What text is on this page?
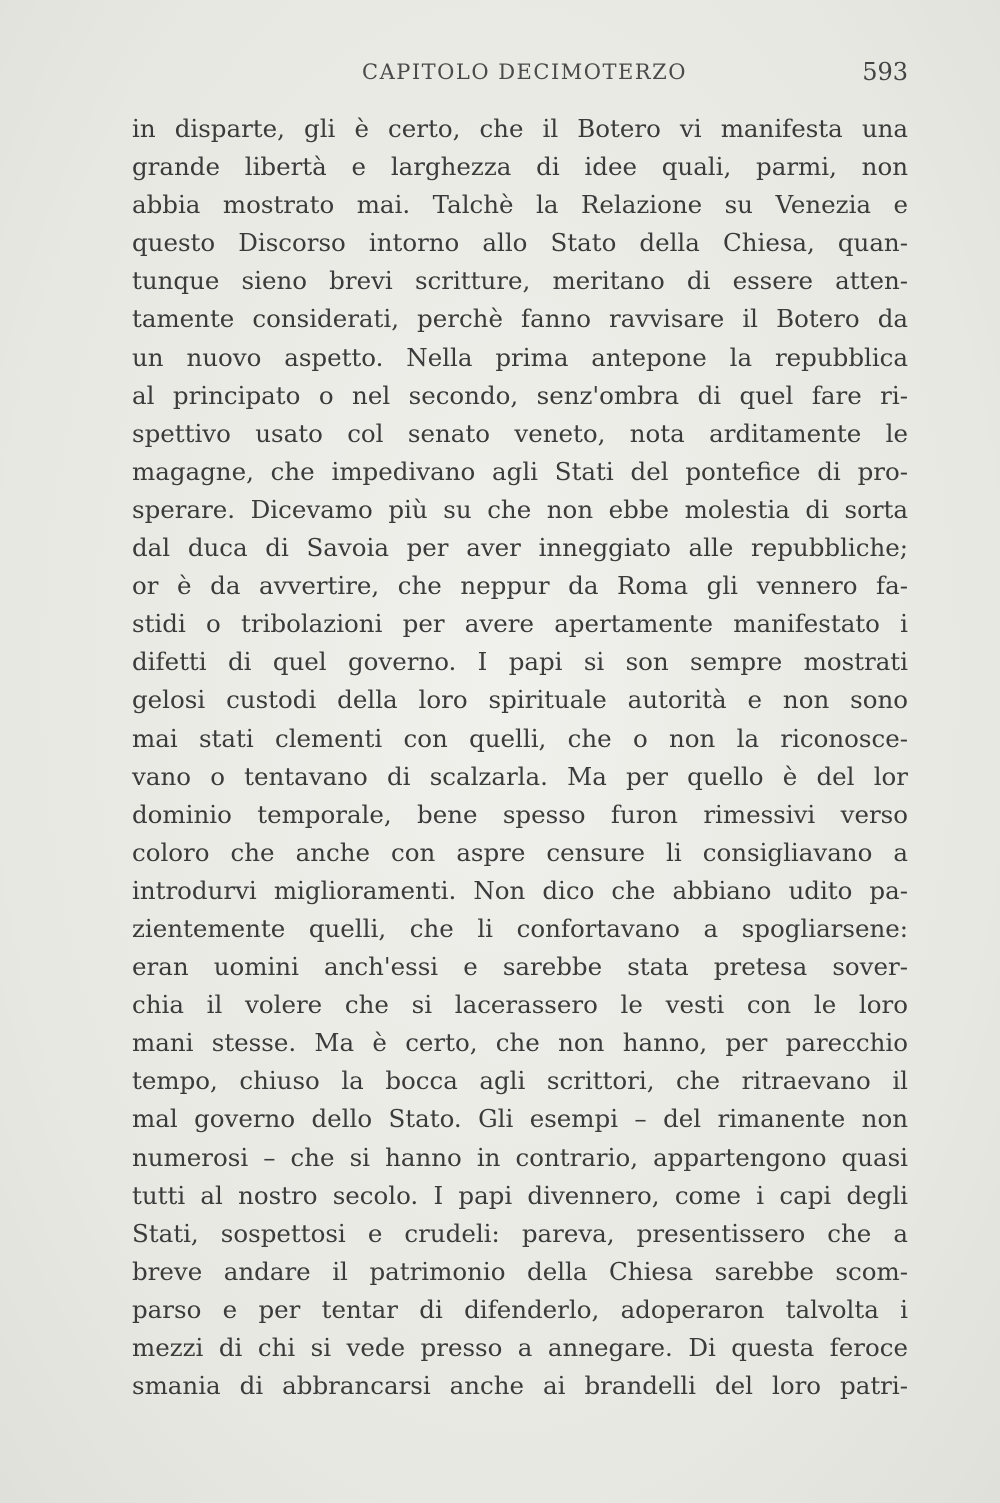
CAPITOLO DECIMOTERZO	593
in disparte, gli è certo, che il Botero vi manifesta una
grande libertà e larghezza di idee quali, parmi, non
abbia mostrato mai. Talchè la Relazione su Venezia e
questo Discorso intorno allo Stato della Chiesa, quan-
tunque sieno brevi scritture, meritano di essere atten-
tamente considerati, perchè fanno ravvisare il Botero da
un nuovo aspetto. Nella prima antepone la repubblica
al principato o nel secondo, senz'ombra di quel fare ri-
spettivo usato col senato veneto, nota arditamente le
magagne, che impedivano agli Stati del pontefice di pro-
sperare. Dicevamo più su che non ebbe molestia di sorta
dal duca di Savoia per aver inneggiato alle repubbliche;
or è da avvertire, che neppur da Roma gli vennero fa-
stidi o tribolazioni per avere apertamente manifestato i
difetti di quel governo. I papi si son sempre mostrati
gelosi custodi della loro spirituale autorità e non sono
mai stati clementi con quelli, che o non la riconosce-
vano o tentavano di scalzarla. Ma per quello è del lor
dominio temporale, bene spesso furon rimessivi verso
coloro che anche con aspre censure li consigliavano a
introdurvi miglioramenti. Non dico che abbiano udito pa-
zientemente quelli, che li confortavano a spogliarsene:
eran uomini anch'essi e sarebbe stata pretesa sover-
chia il volere che si lacerassero le vesti con le loro
mani stesse. Ma è certo, che non hanno, per parecchio
tempo, chiuso la bocca agli scrittori, che ritraevano il
mal governo dello Stato. Gli esempi – del rimanente non
numerosi – che si hanno in contrario, appartengono quasi
tutti al nostro secolo. I papi divennero, come i capi degli
Stati, sospettosi e crudeli: pareva, presentissero che a
breve andare il patrimonio della Chiesa sarebbe scom-
parso e per tentar di difenderlo, adoperaron talvolta i
mezzi di chi si vede presso a annegare. Di questa feroce
smania di abbrancarsi anche ai brandelli del loro patri-
